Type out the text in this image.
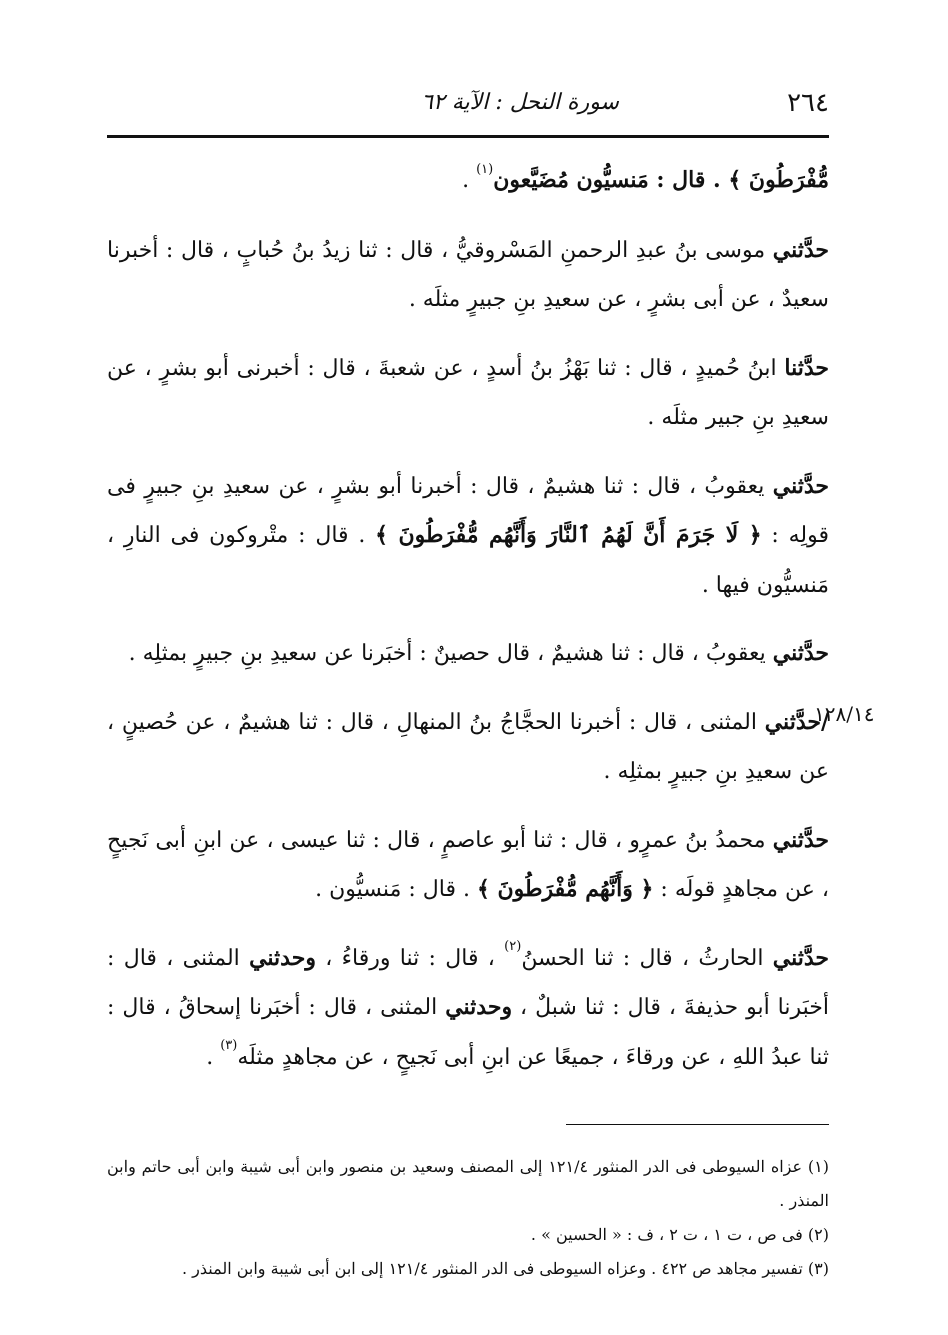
٢٦٤
سورة النحل : الآية ٦٢
١٢٨/١٤

مُّفْرَطُونَ ﴾ . قال : مَنسيُّون مُضَيَّعون$^{(١)}$ .

حدَّثني موسى بنُ عبدِ الرحمنِ المَسْروقيُّ ، قال : ثنا زيدُ بنُ حُبابٍ ، قال : أخبرنا سعيدٌ ، عن أبى بشرٍ ، عن سعيدِ بنِ جبيرٍ مثلَه .

حدَّثنا ابنُ حُميدٍ ، قال : ثنا بَهْزُ بنُ أسدٍ ، عن شعبةَ ، قال : أخبرنى أبو بشرٍ ، عن سعيدِ بنِ جبير مثلَه .

حدَّثني يعقوبُ ، قال : ثنا هشيمٌ ، قال : أخبرنا أبو بشرٍ ، عن سعيدِ بنِ جبيرٍ فى قولِه : ﴿ لَا جَرَمَ أَنَّ لَهُمُ ٱلنَّارَ وَأَنَّهُم مُّفْرَطُونَ ﴾ . قال : متْروكون فى النارِ ، مَنسيُّون فيها .

حدَّثني يعقوبُ ، قال : ثنا هشيمٌ ، قال حصينٌ : أخبَرنا عن سعيدِ بنِ جبيرٍ بمثلِه .

/حدَّثني المثنى ، قال : أخبرنا الحجَّاجُ بنُ المنهالِ ، قال : ثنا هشيمٌ ، عن حُصينٍ ، عن سعيدِ بنِ جبيرٍ بمثلِه .

حدَّثني محمدُ بنُ عمرٍو ، قال : ثنا أبو عاصمٍ ، قال : ثنا عيسى ، عن ابنِ أبى نَجيحٍ ، عن مجاهدٍ قولَه : ﴿ وَأَنَّهُم مُّفْرَطُونَ ﴾ . قال : مَنسيُّون .

حدَّثني الحارثُ ، قال : ثنا الحسنُ$^{(٢)}$ ، قال : ثنا ورقاءُ ، وحدثني المثنى ، قال : أخبَرنا أبو حذيفةَ ، قال : ثنا شبلٌ ، وحدثني المثنى ، قال : أخبَرنا إسحاقُ ، قال : ثنا عبدُ اللهِ ، عن ورقاءَ ، جميعًا عن ابنِ أبى نَجيحٍ ، عن مجاهدٍ مثلَه$^{(٣)}$ .

(١) عزاه السيوطى فى الدر المنثور ١٢١/٤ إلى المصنف وسعيد بن منصور وابن أبى شيبة وابن أبى حاتم وابن المنذر .

(٢) فى ص ، ت ١ ، ت ٢ ، ف : « الحسين » .

(٣) تفسير مجاهد ص ٤٢٢ . وعزاه السيوطى فى الدر المنثور ١٢١/٤ إلى ابن أبى شيبة وابن المنذر .
